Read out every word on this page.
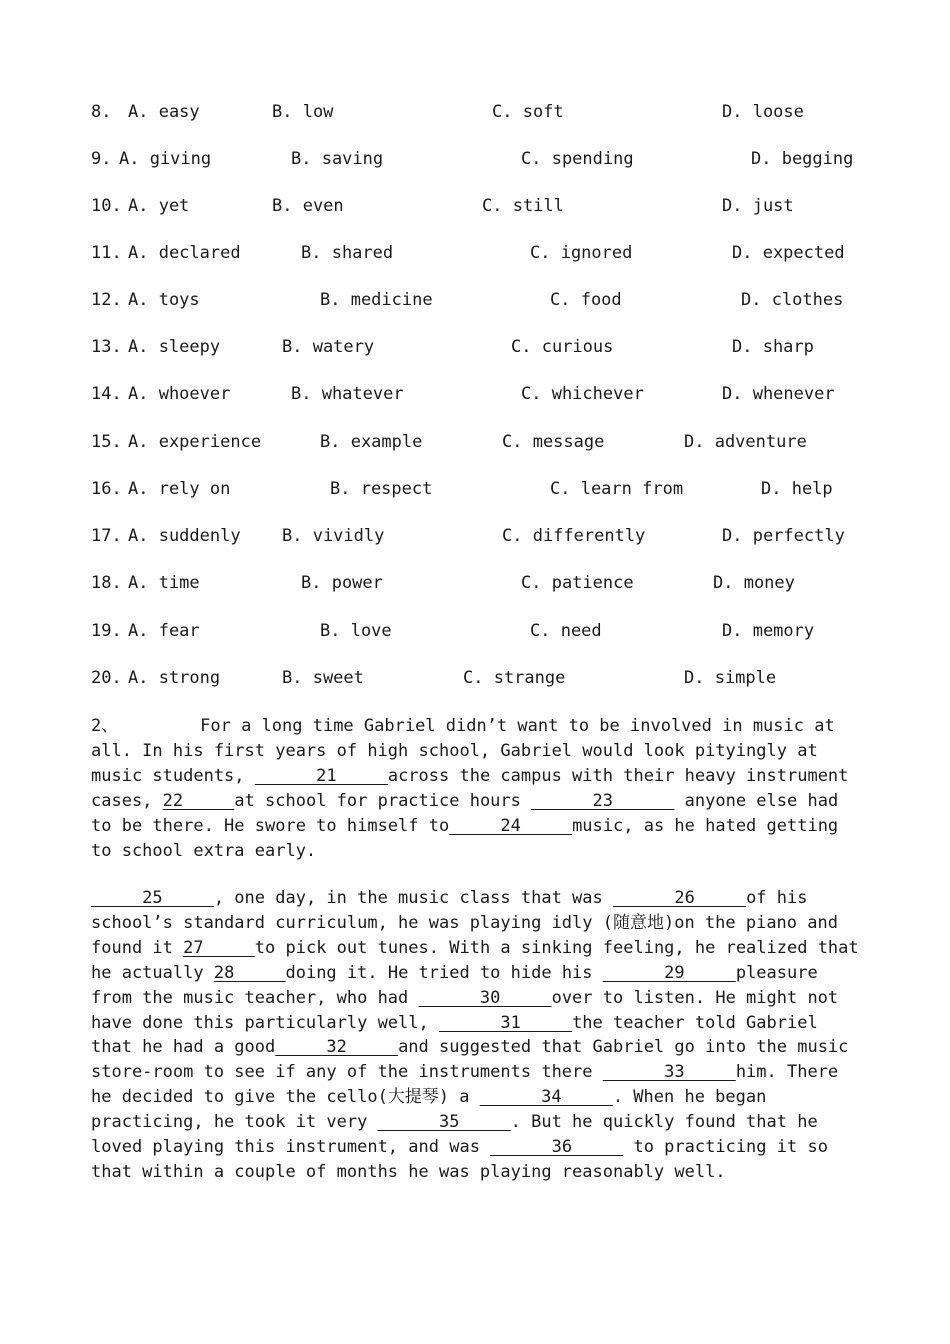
8. A. easy	B. low	C. soft	D. loose
9. A. giving	B. saving	C. spending	D. begging
10. A. yet	B. even	C. still	D. just
11. A. declared	B. shared	C. ignored	D. expected
12. A. toys	B. medicine	C. food	D. clothes
13. A. sleepy	B. watery	C. curious	D. sharp
14. A. whoever	B. whatever	C. whichever	D. whenever
15. A. experience	B. example	C. message	D. adventure
16. A. rely on	B. respect	C. learn from	D. help
17. A. suddenly B. vividly	C. differently	D. perfectly
18. A. time	B. power	C. patience	D. money
19. A. fear	B. love	C. need	D. memory
20. A. strong	B. sweet	C. strange	D. simple
2、	For a long time Gabriel didn’t want to be involved in music at all. In his first years of high school, Gabriel would look pityingly at music students,       21     across the campus with their heavy instrument cases, 22     at school for practice hours       23       anyone else had to be there. He swore to himself to     24     music, as he hated getting to school extra early.
25     , one day, in the music class that was       26     of his school’s standard curriculum, he was playing idly (随意地)on the piano and found it 27     to pick out tunes. With a sinking feeling, he realized that he actually 28     doing it. He tried to hide his       29     pleasure from the music teacher, who had       30     over to listen. He might not have done this particularly well,       31     the teacher told Gabriel that he had a good     32     and suggested that Gabriel go into the music store-room to see if any of the instruments there       33     him. There he decided to give the cello(大提琴) a       34     . When he began practicing, he took it very       35     . But he quickly found that he loved playing this instrument, and was       36      to practicing it so that within a couple of months he was playing reasonably well.
